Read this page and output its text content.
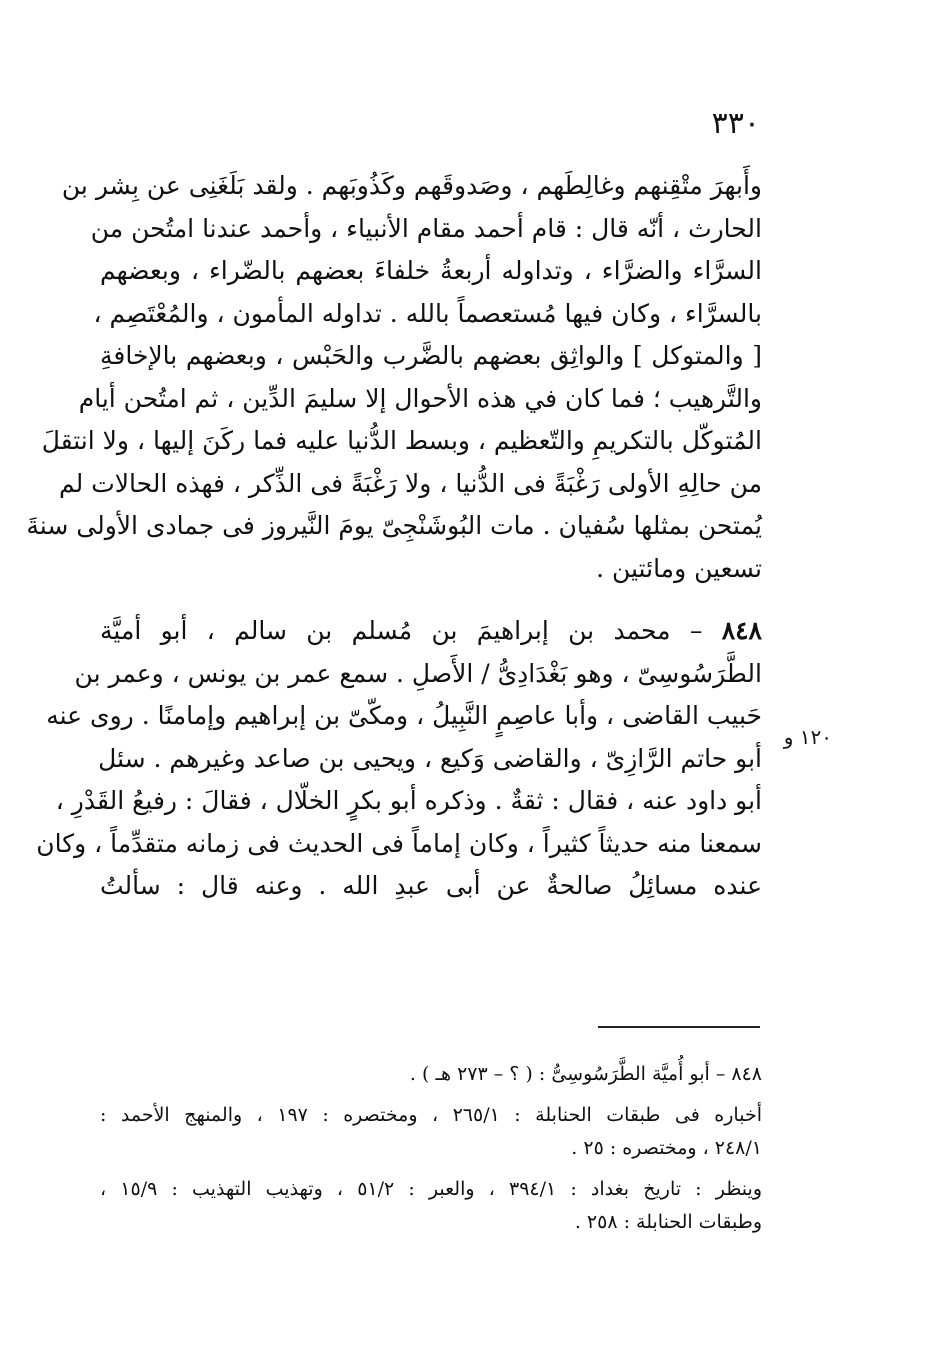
٣٣٠
وأَبهرَ متْقِنهم وغالِطَهم ، وصَدوقَهم وكَذُوبَهم . ولقد بَلَغَنِى عن بِشر بن
الحارث ، أنّه قال : قام أحمد مقام الأنبياء ، وأحمد عندنا امتُحن من
السرَّاء والضرَّاء ، وتداوله أربعةُ خلفاءَ بعضهم بالضّراء ، وبعضهم
بالسرَّاء ، وكان فيها مُستعصماً بالله . تداوله المأمون ، والمُعْتَصِم ،
[ والمتوكل ] والواثِق بعضهم بالضَّرب والحَبْس ، وبعضهم بالإخافةِ
والتَّرهيب ؛ فما كان في هذه الأحوال إلا سليمَ الدِّين ، ثم امتُحن أيام
المُتوكّل بالتكريمِ والتّعظيم ، وبسط الدُّنيا عليه فما ركَنَ إليها ، ولا انتقلَ
من حالِهِ الأولى رَغْبَةً فى الدُّنيا ، ولا رَغْبَةً فى الذِّكر ، فهذه الحالات لم
يُمتحن بمثلها سُفيان . مات البُوشَنْجِىّ يومَ النَّيروز فى جمادى الأولى سنةَ
تسعين ومائتين .
٨٤٨ – محمد بن إبراهيمَ بن مُسلم بن سالم ، أبو أميَّة
الطَّرَسُوسِىّ ، وهو بَغْدَادِىُّ / الأَصلِ . سمع عمر بن يونس ، وعمر بن
حَبيب القاضى ، وأبا عاصِمٍ النَّبِيلُ ، ومكّىّ بن إبراهيم وإمامنًا . روى عنه
أبو حاتم الرَّازِىّ ، والقاضى وَكيع ، ويحيى بن صاعد وغيرهم . سئل
أبو داود عنه ، فقال : ثقةٌ . وذكره أبو بكرٍ الخلّال ، فقالَ : رفيعُ القَدْرِ ،
سمعنا منه حديثاً كثيراً ، وكان إماماً فى الحديث فى زمانه متقدِّماً ، وكان
عنده مسائِلُ صالحةٌ عن أبى عبدِ الله . وعنه قال : سألتُ
١٢٠ و
٨٤٨ – أبو أُميَّة الطَّرَسُوسِىُّ : ( ؟ – ٢٧٣ هـ ) .
أخباره فى طبقات الحنابلة : ٢٦٥/١ ، ومختصره : ١٩٧ ، والمنهج الأحمد :
٢٤٨/١ ، ومختصره : ٢٥ .
وينظر : تاريخ بغداد : ٣٩٤/١ ، والعبر : ٥١/٢ ، وتهذيب التهذيب : ١٥/٩ ،
وطبقات الحنابلة : ٢٥٨ .
